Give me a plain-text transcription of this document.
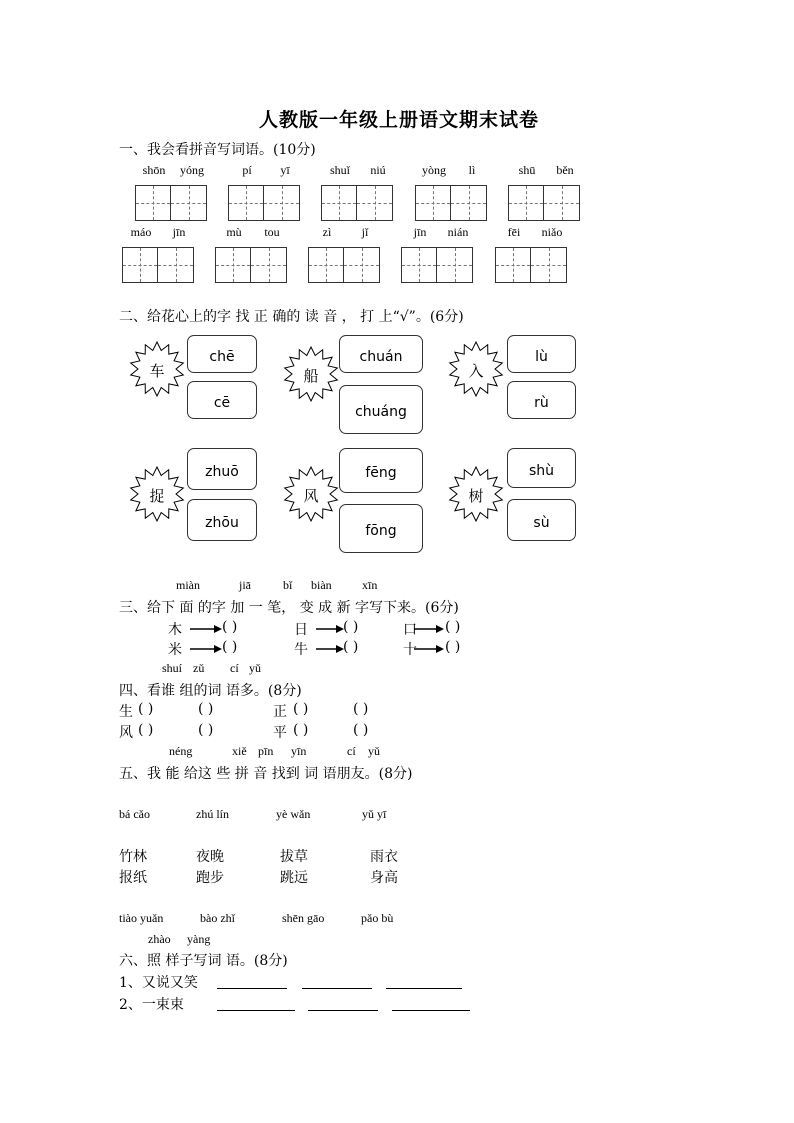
人教版一年级上册语文期末试卷
一、我会看拼音写词语。(10分)
shōn	yóng	pí	yī	shuǐ	niú	yòng	lì	shū	běn
máo	jīn	mù	tou	zì	jǐ	jīn	nián	fēi	niǎo
二、给花心上的字 找 正 确的 读 音 ， 打 上“√”。(6分)
车
chē
cē
船
chuán
chuáng
入
lù
rù
捉
zhuō
zhōu
风
fēng
fōng
树
shù
sù
miàn	jiā	bǐ biàn	xīn
三、给下 面 的字 加 一 笔， 变 成 新 字写下来。(6分)
木	( )	日	( )	口 ( )
米	( )	牛	( )	十 ( )
shuí zǔ cí yǔ
四、看谁 组的词 语多。(8分)
生 ( )	( )	正 ( )	( )
风 ( )	( )	平 ( )	( )
néng	xiě pīn yīn	cí yǔ
五、我 能 给这 些 拼 音 找到 词 语朋友。(8分)
bá cǎo	zhú lín	yè wǎn	yǔ yī
竹林	夜晚	拔草	雨衣
报纸	跑步	跳远	身高
tiào yuǎn	bào zhǐ	shēn gāo	pǎo bù
zhào yàng
六、照 样子写词 语。(8分)
1、又说又笑
2、一束束
